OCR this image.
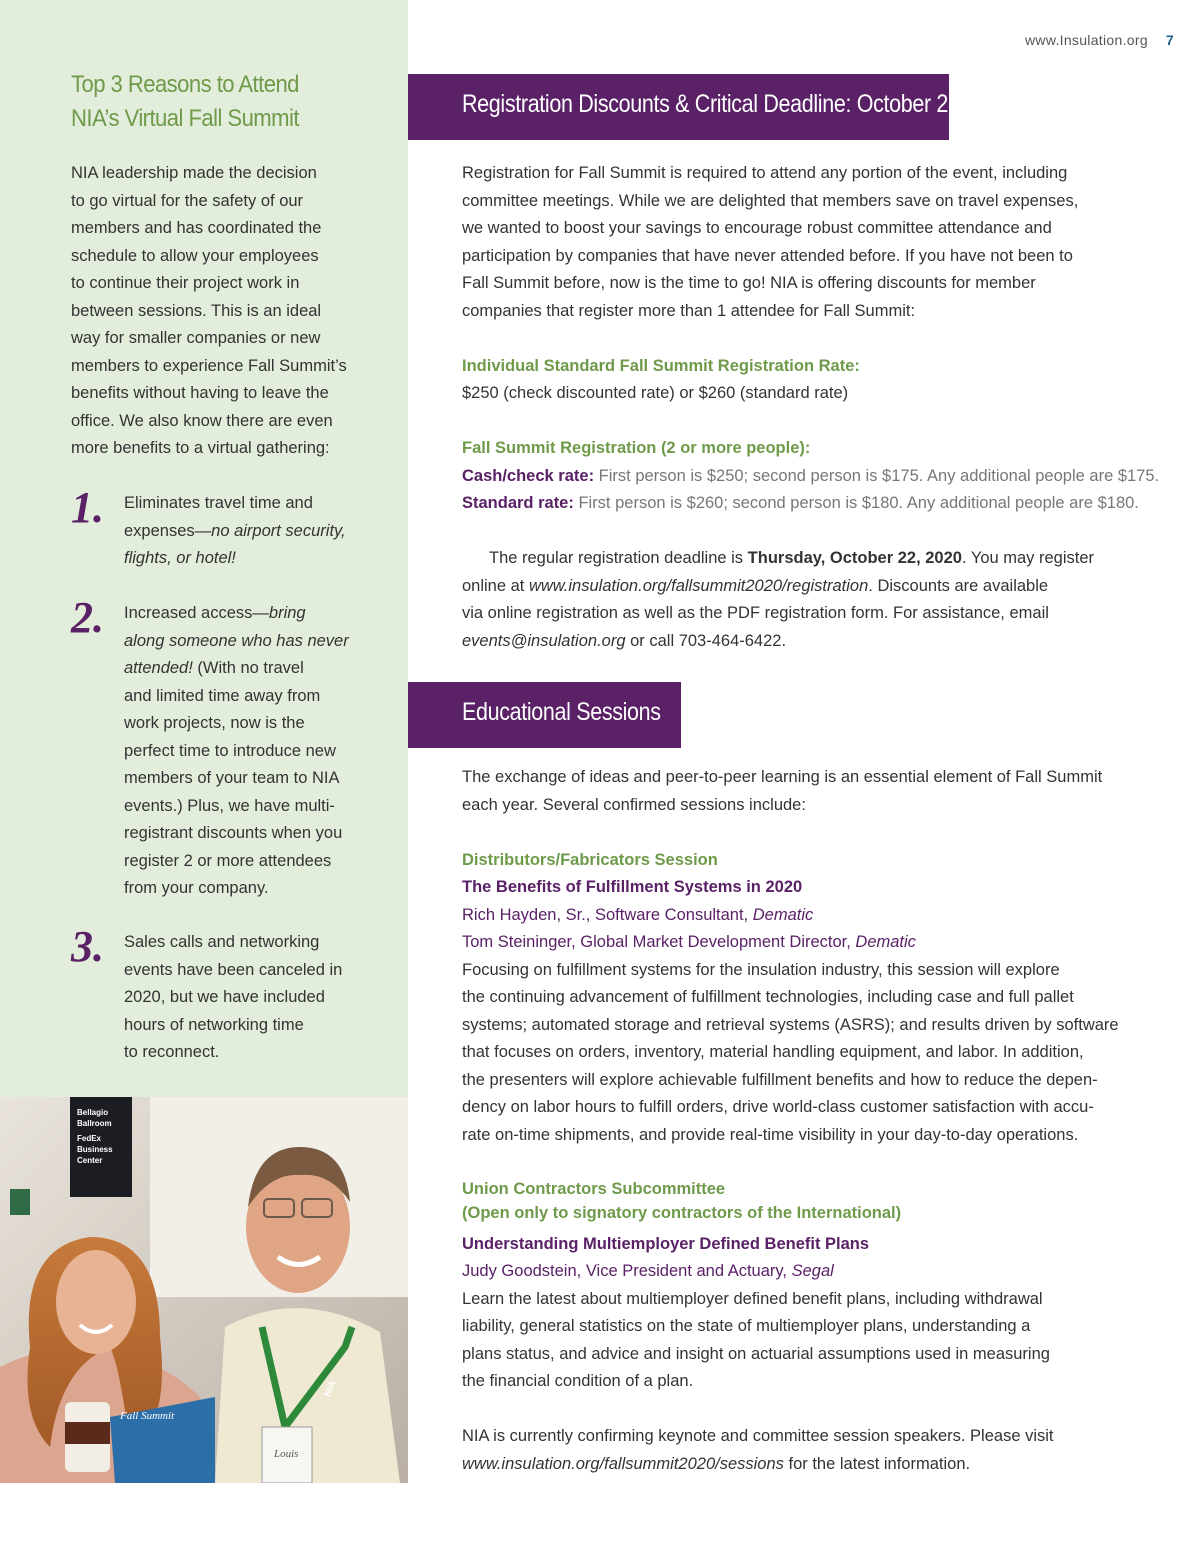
www.Insulation.org 7
Top 3 Reasons to Attend
NIA’s Virtual Fall Summit
NIA leadership made the decision
to go virtual for the safety of our
members and has coordinated the
schedule to allow your employees
to continue their project work in
between sessions. This is an ideal
way for smaller companies or new
members to experience Fall Summit’s
benefits without having to leave the
office. We also know there are even
more benefits to a virtual gathering:
1. Eliminates travel time and
expenses—no airport security,
flights, or hotel!
2. Increased access—bring
along someone who has never
attended! (With no travel
and limited time away from
work projects, now is the
perfect time to introduce new
members of your team to NIA
events.) Plus, we have multi-
registrant discounts when you
register 2 or more attendees
from your company.
3. Sales calls and networking
events have been canceled in
2020, but we have included
hours of networking time
to reconnect.
Bellagio
Ballroom
FedEx
Business
Center
NIA
Louis
Fall Summit
Registration Discounts & Critical Deadline: October 22
Registration for Fall Summit is required to attend any portion of the event, including
committee meetings. While we are delighted that members save on travel expenses,
we wanted to boost your savings to encourage robust committee attendance and
participation by companies that have never attended before. If you have not been to
Fall Summit before, now is the time to go! NIA is offering discounts for member
companies that register more than 1 attendee for Fall Summit:
Individual Standard Fall Summit Registration Rate:
$250 (check discounted rate) or $260 (standard rate)
Fall Summit Registration (2 or more people):
Cash/check rate: First person is $250; second person is $175. Any additional people are $175.
Standard rate: First person is $260; second person is $180. Any additional people are $180.
The regular registration deadline is Thursday, October 22, 2020. You may register
online at www.insulation.org/fallsummit2020/registration. Discounts are available
via online registration as well as the PDF registration form. For assistance, email
events@insulation.org or call 703-464-6422.
Educational Sessions
The exchange of ideas and peer-to-peer learning is an essential element of Fall Summit
each year. Several confirmed sessions include:
Distributors/Fabricators Session
The Benefits of Fulfillment Systems in 2020
Rich Hayden, Sr., Software Consultant, Dematic
Tom Steininger, Global Market Development Director, Dematic
Focusing on fulfillment systems for the insulation industry, this session will explore
the continuing advancement of fulfillment technologies, including case and full pallet
systems; automated storage and retrieval systems (ASRS); and results driven by software
that focuses on orders, inventory, material handling equipment, and labor. In addition,
the presenters will explore achievable fulfillment benefits and how to reduce the depen-
dency on labor hours to fulfill orders, drive world-class customer satisfaction with accu-
rate on-time shipments, and provide real-time visibility in your day-to-day operations.
Union Contractors Subcommittee
(Open only to signatory contractors of the International)
Understanding Multiemployer Defined Benefit Plans
Judy Goodstein, Vice President and Actuary, Segal
Learn the latest about multiemployer defined benefit plans, including withdrawal
liability, general statistics on the state of multiemployer plans, understanding a
plans status, and advice and insight on actuarial assumptions used in measuring
the financial condition of a plan.
NIA is currently confirming keynote and committee session speakers. Please visit
www.insulation.org/fallsummit2020/sessions for the latest information.
